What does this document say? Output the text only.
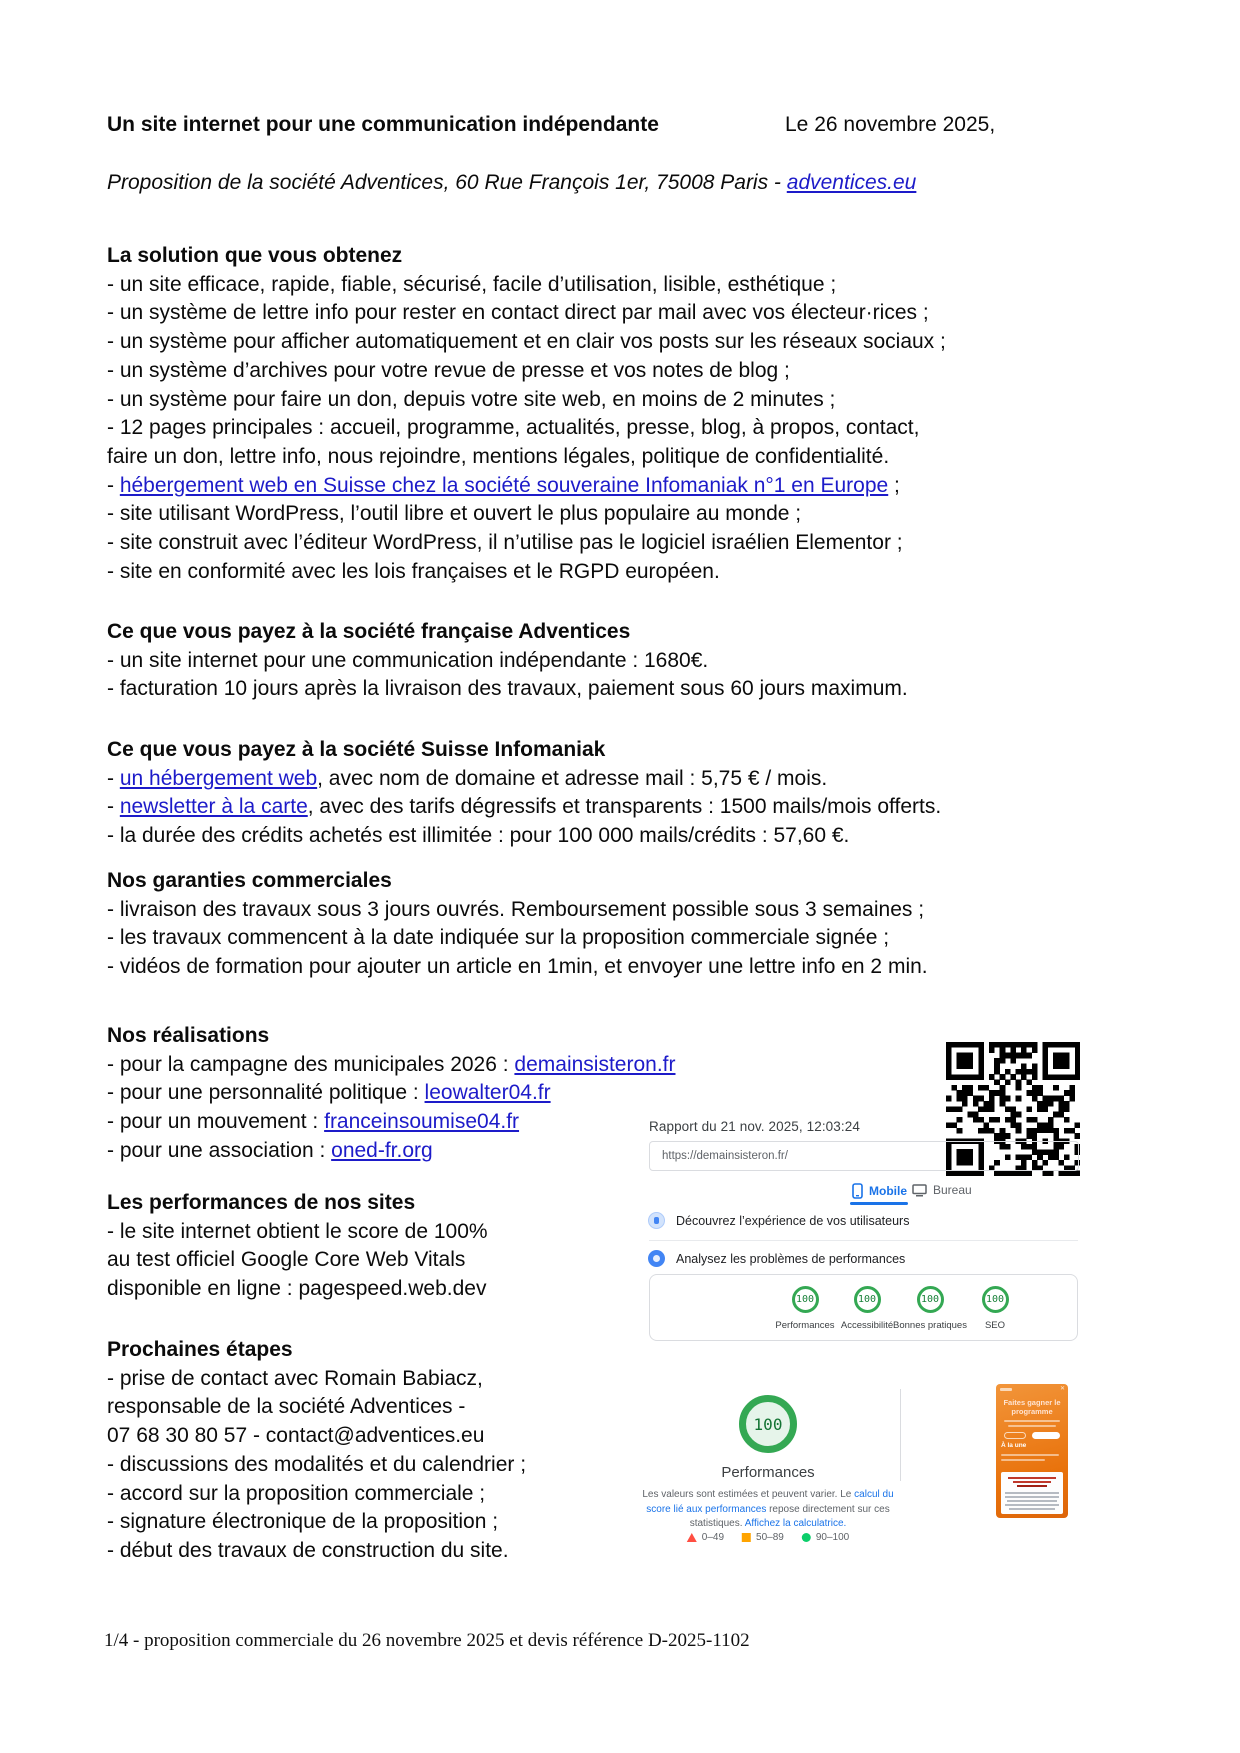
Un site internet pour une communication indépendante	Le 26 novembre 2025,
Proposition de la société Adventices, 60 Rue François 1er, 75008 Paris - adventices.eu
La solution que vous obtenez
- un site efficace, rapide, fiable, sécurisé, facile d’utilisation, lisible, esthétique ;
- un système de lettre info pour rester en contact direct par mail avec vos électeur·rices ;
- un système pour afficher automatiquement et en clair vos posts sur les réseaux sociaux ;
- un système d’archives pour votre revue de presse et vos notes de blog ;
- un système pour faire un don, depuis votre site web, en moins de 2 minutes ;
- 12 pages principales : accueil, programme, actualités, presse, blog, à propos, contact,
faire un don, lettre info, nous rejoindre, mentions légales, politique de confidentialité.
- hébergement web en Suisse chez la société souveraine Infomaniak n°1 en Europe ;
- site utilisant WordPress, l’outil libre et ouvert le plus populaire au monde ;
- site construit avec l’éditeur WordPress, il n’utilise pas le logiciel israélien Elementor ;
- site en conformité avec les lois françaises et le RGPD européen.
Ce que vous payez à la société française Adventices
- un site internet pour une communication indépendante : 1680€.
- facturation 10 jours après la livraison des travaux, paiement sous 60 jours maximum.
Ce que vous payez à la société Suisse Infomaniak
- un hébergement web, avec nom de domaine et adresse mail : 5,75 € / mois.
- newsletter à la carte, avec des tarifs dégressifs et transparents : 1500 mails/mois offerts.
- la durée des crédits achetés est illimitée : pour 100 000 mails/crédits : 57,60 €.
Nos garanties commerciales
- livraison des travaux sous 3 jours ouvrés. Remboursement possible sous 3 semaines ;
- les travaux commencent à la date indiquée sur la proposition commerciale signée ;
- vidéos de formation pour ajouter un article en 1min, et envoyer une lettre info en 2 min.
Nos réalisations
- pour la campagne des municipales 2026 : demainsisteron.fr
- pour une personnalité politique : leowalter04.fr
- pour un mouvement : franceinsoumise04.fr
- pour une association : oned-fr.org
Les performances de nos sites
- le site internet obtient le score de 100%
au test officiel Google Core Web Vitals
disponible en ligne : pagespeed.web.dev
Prochaines étapes
- prise de contact avec Romain Babiacz,
responsable de la société Adventices -
07 68 30 80 57 - contact@adventices.eu
- discussions des modalités et du calendrier ;
- accord sur la proposition commerciale ;
- signature électronique de la proposition ;
- début des travaux de construction du site.
Rapport du 21 nov. 2025, 12:03:24
https://demainsisteron.fr/
Mobile Bureau
Découvrez l’expérience de vos utilisateurs
Analysez les problèmes de performances
100
Performances
100
Accessibilité
100
Bonnes pratiques
100
SEO
100
Performances
Les valeurs sont estimées et peuvent varier. Le calcul du score lié aux performances repose directement sur ces statistiques. Affichez la calculatrice.
0–49	50–89	90–100
✕
Faites gagner le programme
À la une
1/4 - proposition commerciale du 26 novembre 2025 et devis référence D-2025-1102
